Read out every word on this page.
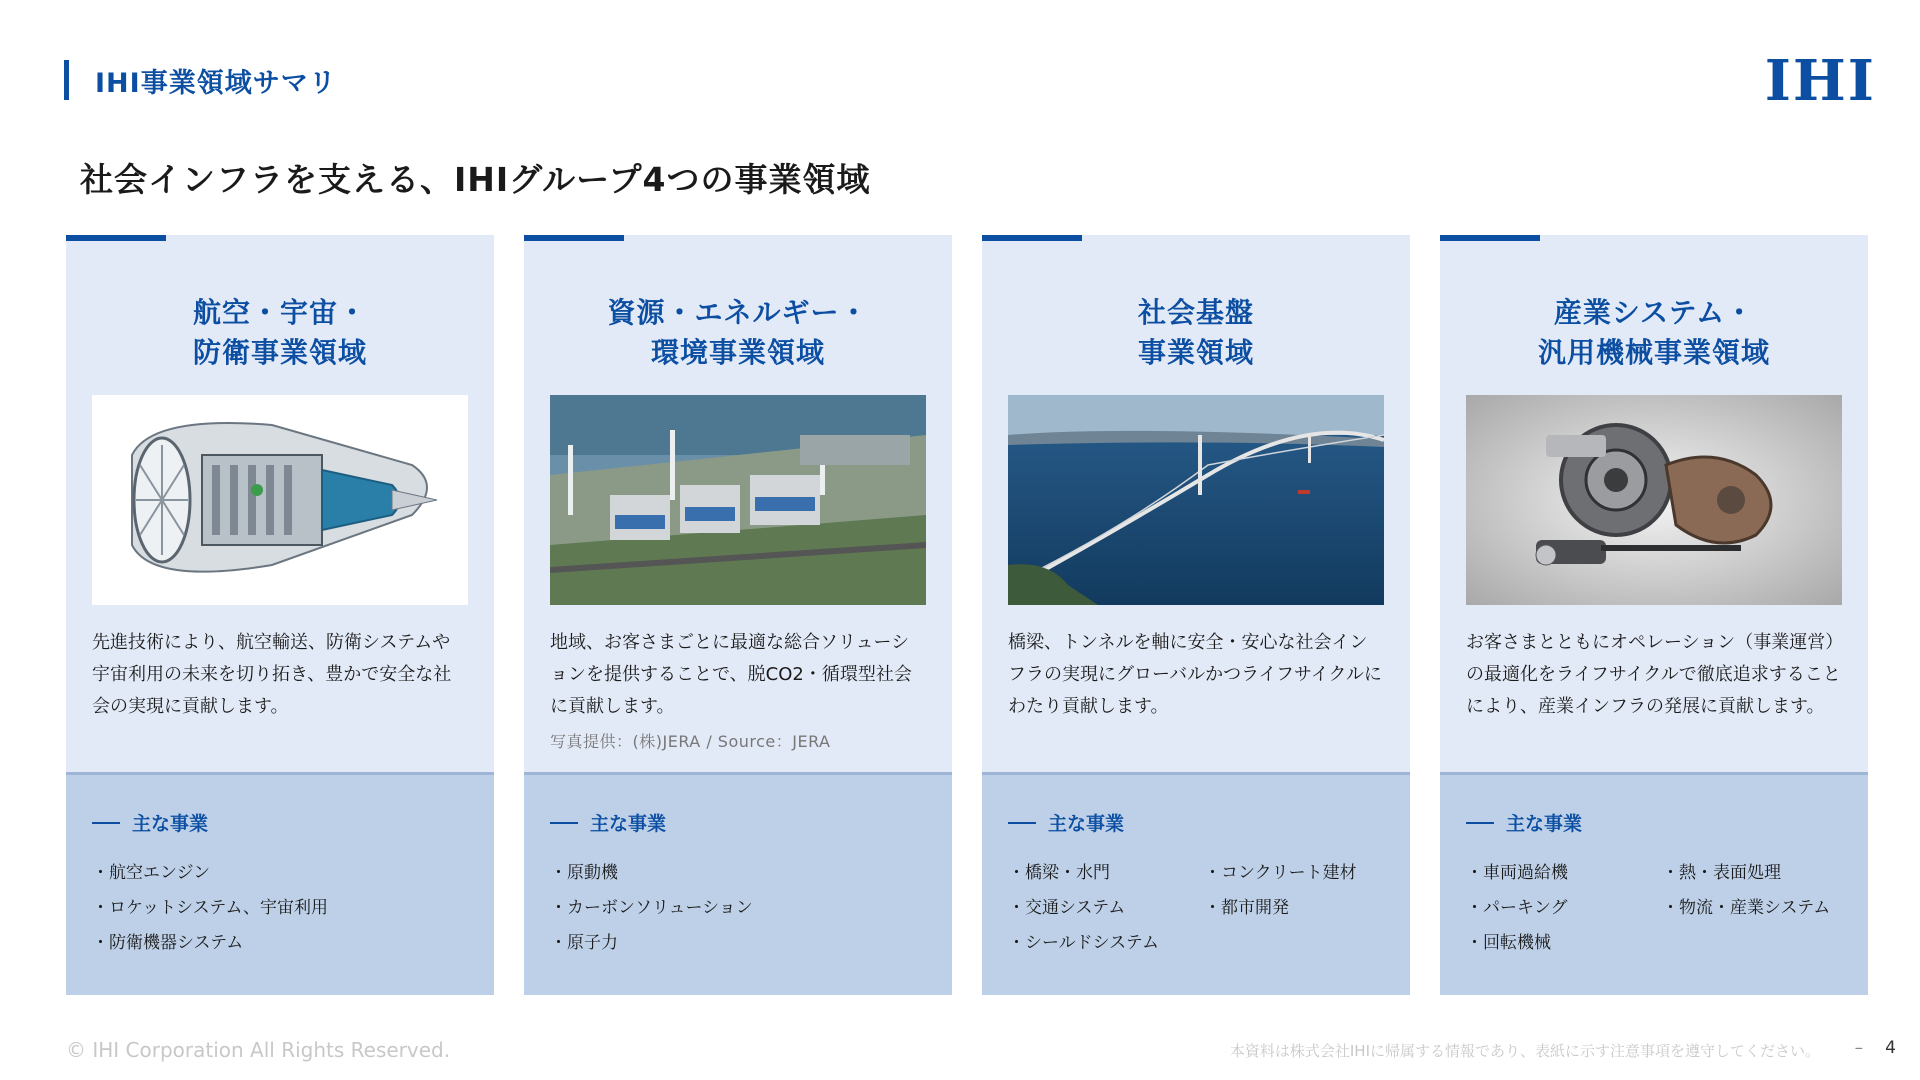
IHI事業領域サマリ	IHI
社会インフラを支える、IHIグループ4つの事業領域
航空・宇宙・
防衛事業領域

先進技術により、航空輸送、防衛システムや宇宙利用の未来を切り拓き、豊かで安全な社会の実現に貢献します。

主な事業
・航空エンジン
・ロケットシステム、宇宙利用
・防衛機器システム
資源・エネルギー・
環境事業領域

地域、お客さまごとに最適な総合ソリューションを提供することで、脱CO2・循環型社会に貢献します。

写真提供：(株)JERA / Source：JERA

主な事業
・原動機
・カーボンソリューション
・原子力
社会基盤
事業領域

橋梁、トンネルを軸に安全・安心な社会インフラの実現にグローバルかつライフサイクルにわたり貢献します。

主な事業
・橋梁・水門	・コンクリート建材
・交通システム	・都市開発
・シールドシステム
産業システム・
汎用機械事業領域

お客さまとともにオペレーション（事業運営）の最適化をライフサイクルで徹底追求することにより、産業インフラの発展に貢献します。

主な事業
・車両過給機	・熱・表面処理
・パーキング	・物流・産業システム
・回転機械
© IHI Corporation All Rights Reserved.	本資料は株式会社IHIに帰属する情報であり、表紙に示す注意事項を遵守してください。 – 4
